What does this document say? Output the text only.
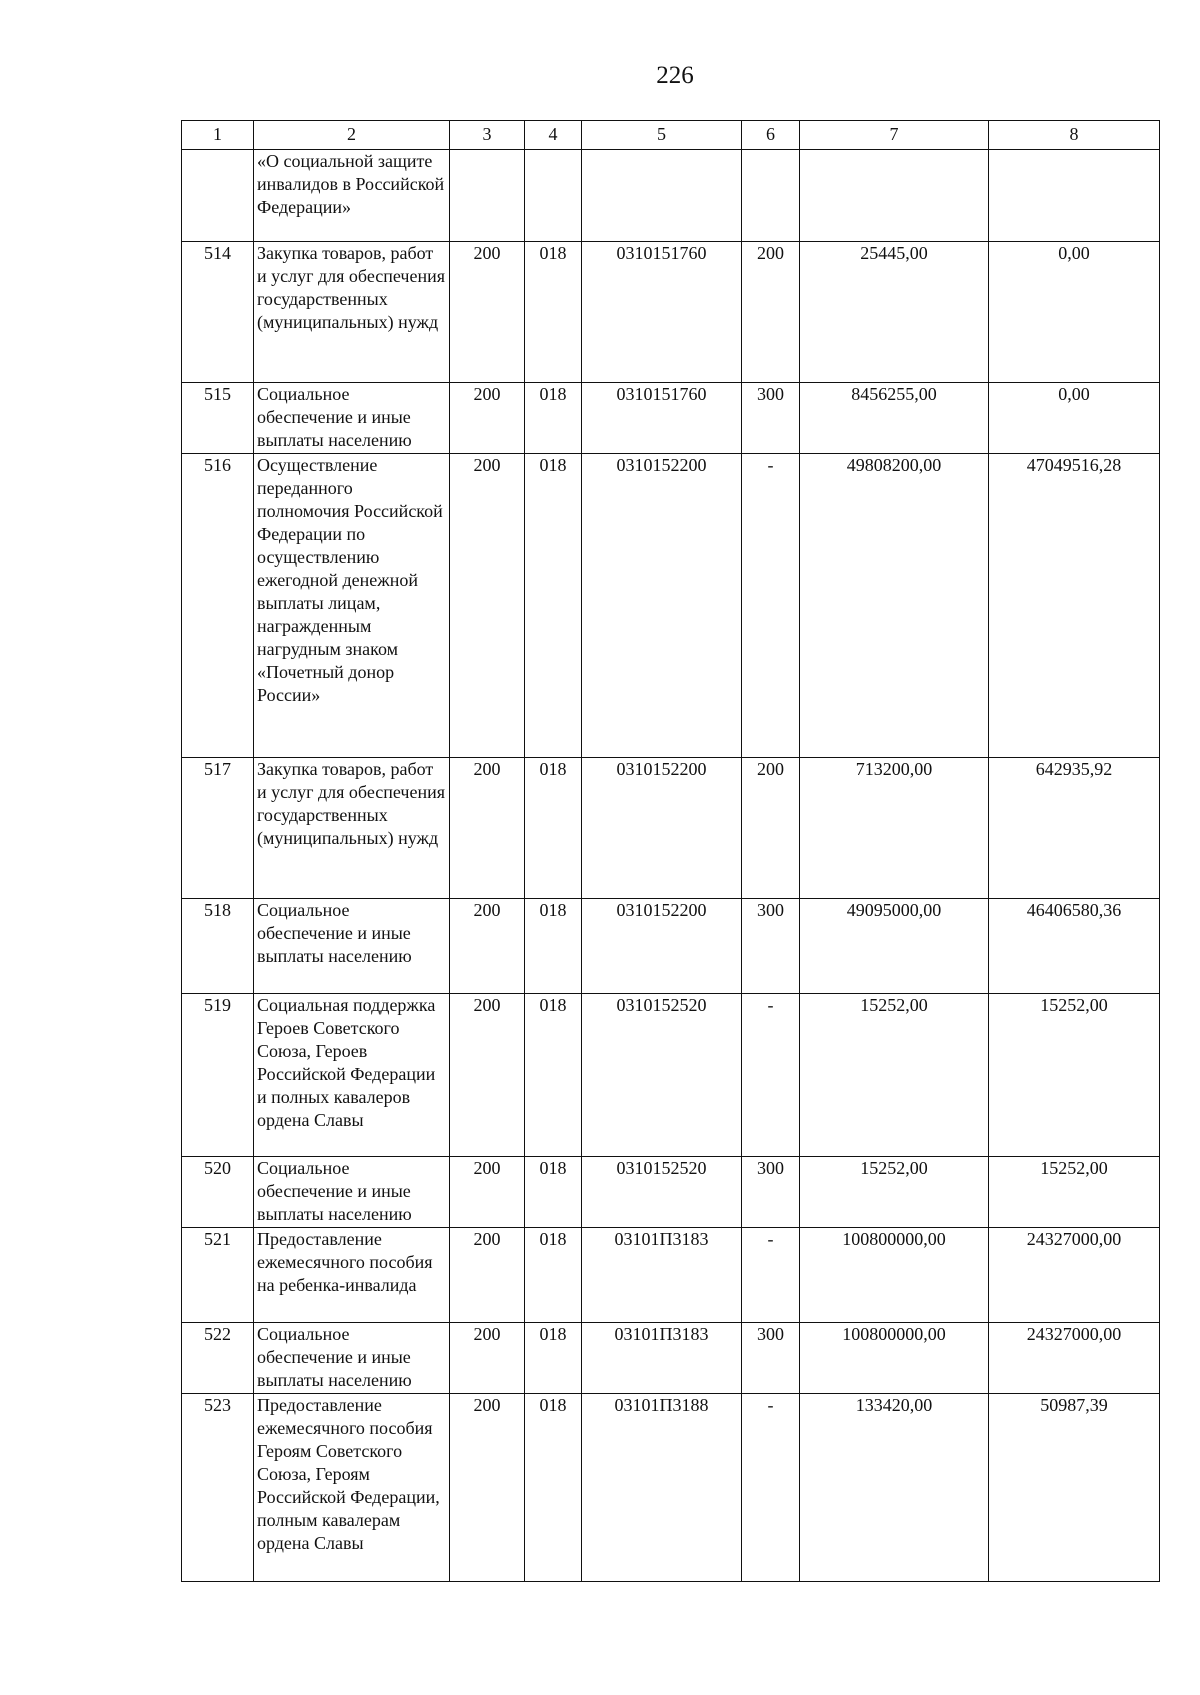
226
1	2	3	4	5	6	7	8
	«О социальной защите инвалидов в Российской Федерации»						
514	Закупка товаров, работ и услуг для обеспечения государственных (муниципальных) нужд	200	018	0310151760	200	25445,00	0,00
515	Социальное обеспечение и иные выплаты населению	200	018	0310151760	300	8456255,00	0,00
516	Осуществление переданного полномочия Российской Федерации по осуществлению ежегодной денежной выплаты лицам, награжденным нагрудным знаком «Почетный донор России»	200	018	0310152200	-	49808200,00	47049516,28
517	Закупка товаров, работ и услуг для обеспечения государственных (муниципальных) нужд	200	018	0310152200	200	713200,00	642935,92
518	Социальное обеспечение и иные выплаты населению	200	018	0310152200	300	49095000,00	46406580,36
519	Социальная поддержка Героев Советского Союза, Героев Российской Федерации и полных кавалеров ордена Славы	200	018	0310152520	-	15252,00	15252,00
520	Социальное обеспечение и иные выплаты населению	200	018	0310152520	300	15252,00	15252,00
521	Предоставление ежемесячного пособия на ребенка-инвалида	200	018	03101П3183	-	100800000,00	24327000,00
522	Социальное обеспечение и иные выплаты населению	200	018	03101П3183	300	100800000,00	24327000,00
523	Предоставление ежемесячного пособия Героям Советского Союза, Героям Российской Федерации, полным кавалерам ордена Славы	200	018	03101П3188	-	133420,00	50987,39
